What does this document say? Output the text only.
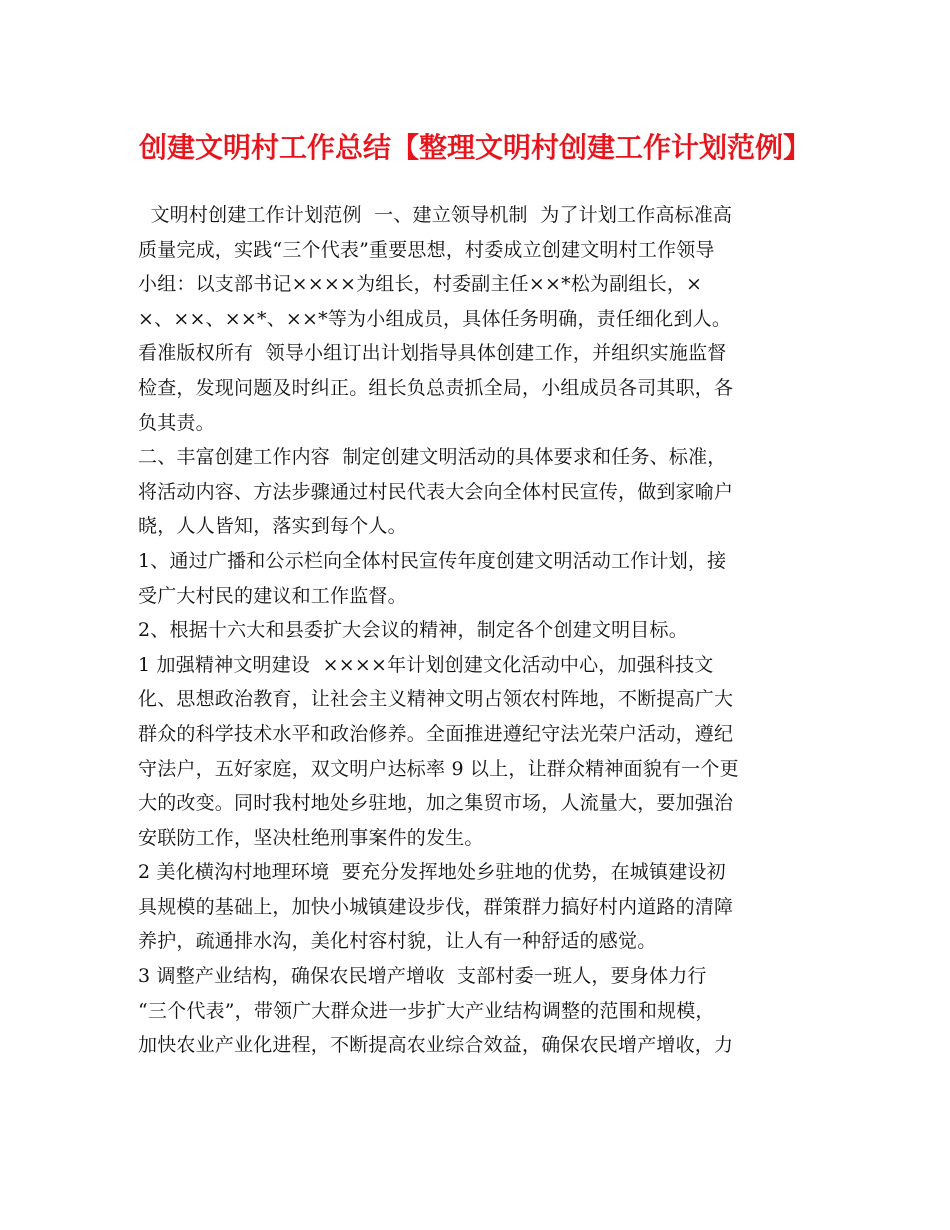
创建文明村工作总结【整理文明村创建工作计划范例】
文明村创建工作计划范例  一、建立领导机制  为了计划工作高标准高
质量完成，实践“三个代表”重要思想，村委成立创建文明村工作领导
小组：以支部书记××××为组长，村委副主任××*松为副组长，×
×、××、××*、××*等为小组成员，具体任务明确，责任细化到人。
看准版权所有  领导小组订出计划指导具体创建工作，并组织实施监督
检查，发现问题及时纠正。组长负总责抓全局，小组成员各司其职，各
负其责。
二、丰富创建工作内容  制定创建文明活动的具体要求和任务、标准，
将活动内容、方法步骤通过村民代表大会向全体村民宣传，做到家喻户
晓，人人皆知，落实到每个人。
1、通过广播和公示栏向全体村民宣传年度创建文明活动工作计划，接
受广大村民的建议和工作监督。
2、根据十六大和县委扩大会议的精神，制定各个创建文明目标。
1 加强精神文明建设  ××××年计划创建文化活动中心，加强科技文
化、思想政治教育，让社会主义精神文明占领农村阵地，不断提高广大
群众的科学技术水平和政治修养。全面推进遵纪守法光荣户活动，遵纪
守法户，五好家庭，双文明户达标率 9 以上，让群众精神面貌有一个更
大的改变。同时我村地处乡驻地，加之集贸市场，人流量大，要加强治
安联防工作，坚决杜绝刑事案件的发生。
2 美化横沟村地理环境  要充分发挥地处乡驻地的优势，在城镇建设初
具规模的基础上，加快小城镇建设步伐，群策群力搞好村内道路的清障
养护，疏通排水沟，美化村容村貌，让人有一种舒适的感觉。
3 调整产业结构，确保农民增产增收  支部村委一班人，要身体力行
“三个代表”，带领广大群众进一步扩大产业结构调整的范围和规模，
加快农业产业化进程，不断提高农业综合效益，确保农民增产增收，力
